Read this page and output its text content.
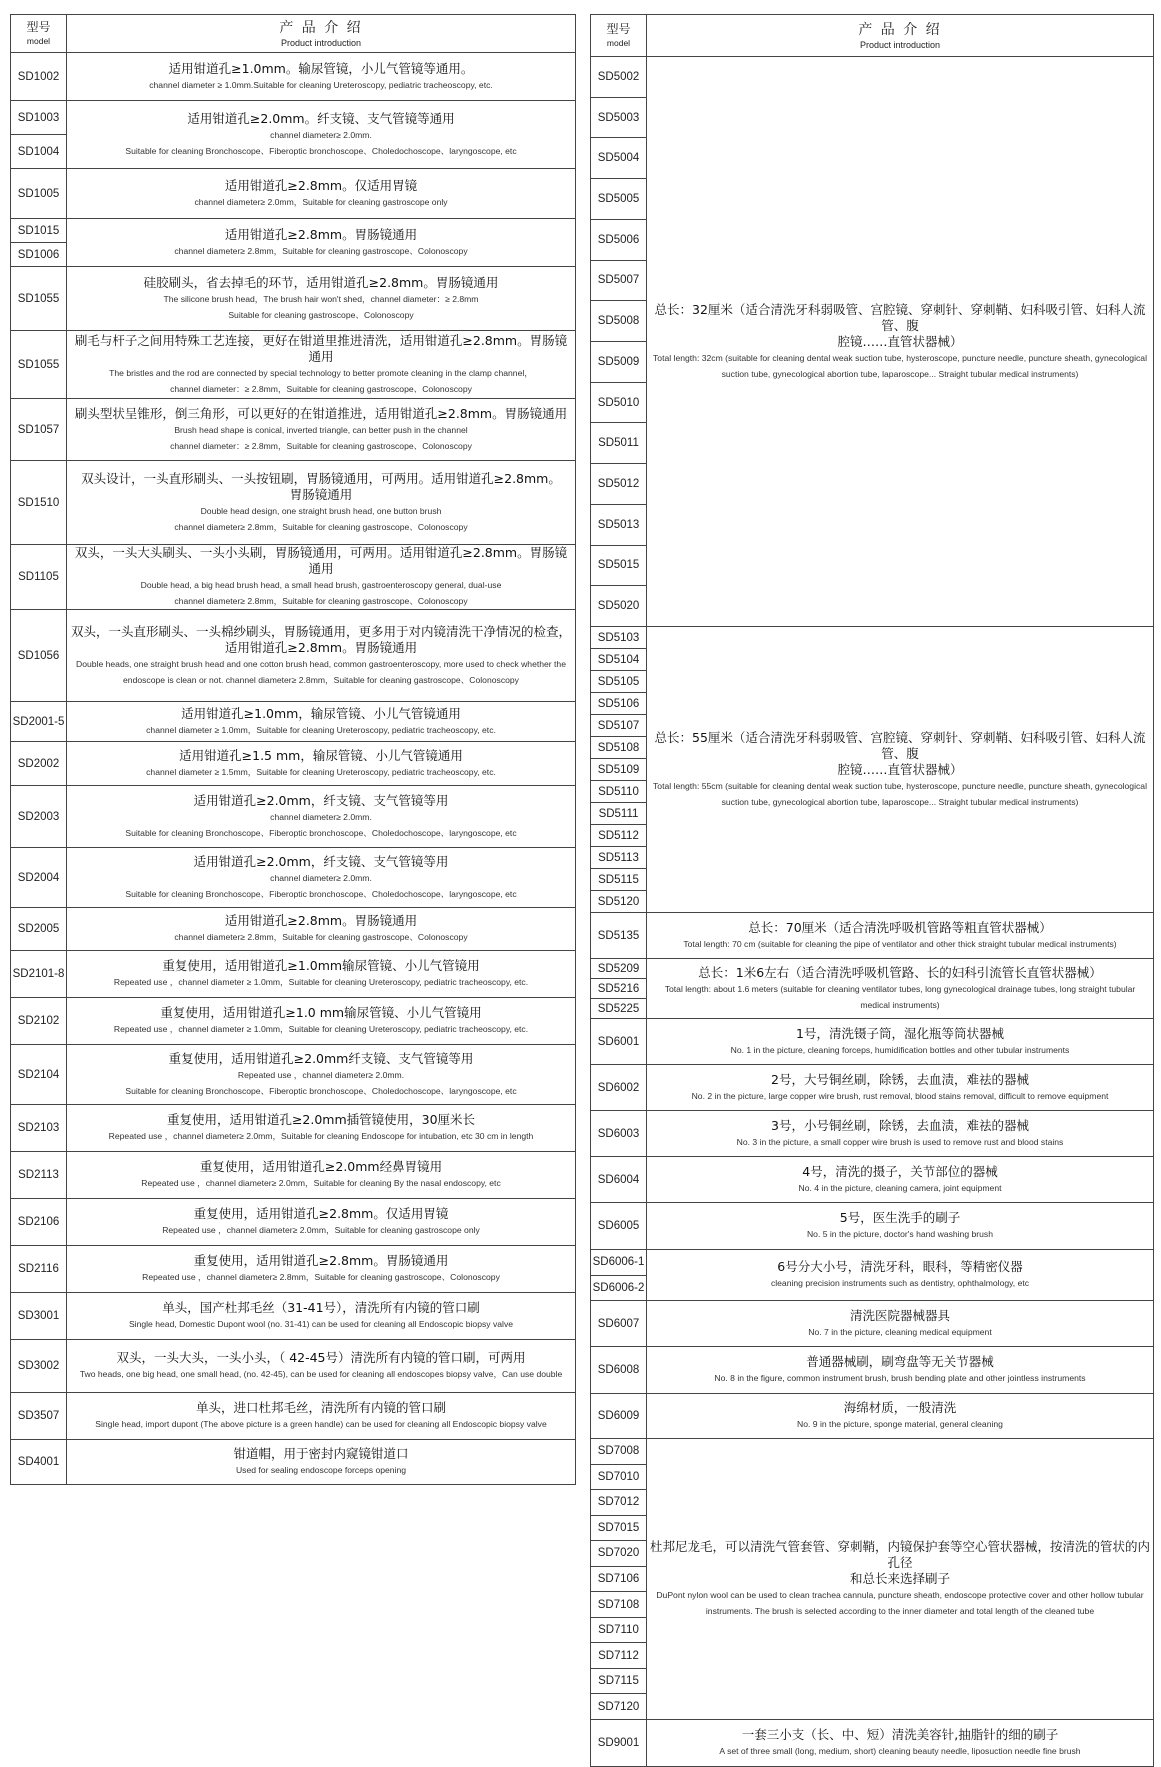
型号
model
产 品 介 绍
Product introduction
SD1002
适用钳道孔≥1.0mm。输尿管镜，小儿气管镜等通用。
channel diameter ≥ 1.0mm.Suitable for cleaning Ureteroscopy, pediatric tracheoscopy, etc.
SD1003
SD1004
适用钳道孔≥2.0mm。纤支镜、支气管镜等通用
channel diameter≥ 2.0mm.
Suitable for cleaning Bronchoscope、Fiberoptic bronchoscope、Choledochoscope、laryngoscope, etc
SD1005
适用钳道孔≥2.8mm。仅适用胃镜
channel diameter≥ 2.0mm，Suitable for cleaning gastroscope only
SD1015
SD1006
适用钳道孔≥2.8mm。胃肠镜通用
channel diameter≥ 2.8mm，Suitable for cleaning gastroscope、Colonoscopy
SD1055
硅胶刷头，省去掉毛的环节，适用钳道孔≥2.8mm。胃肠镜通用
The silicone brush head，The brush hair won't shed，channel diameter：≥ 2.8mm
Suitable for cleaning gastroscope、Colonoscopy
SD1055
刷毛与杆子之间用特殊工艺连接，更好在钳道里推进清洗，适用钳道孔≥2.8mm。胃肠镜通用
The bristles and the rod are connected by special technology to better promote cleaning in the clamp channel，
channel diameter：≥ 2.8mm，Suitable for cleaning gastroscope、Colonoscopy
SD1057
刷头型状呈锥形，倒三角形，可以更好的在钳道推进，适用钳道孔≥2.8mm。胃肠镜通用
Brush head shape is conical, inverted triangle, can better push in the channel
channel diameter：≥ 2.8mm，Suitable for cleaning gastroscope、Colonoscopy
SD1510
双头设计，一头直形刷头、一头按钮刷，胃肠镜通用，可两用。适用钳道孔≥2.8mm。
胃肠镜通用
Double head design, one straight brush head, one button brush
channel diameter≥ 2.8mm，Suitable for cleaning gastroscope、Colonoscopy
SD1105
双头，一头大头刷头、一头小头刷，胃肠镜通用，可两用。适用钳道孔≥2.8mm。胃肠镜通用
Double head, a big head brush head, a small head brush, gastroenteroscopy general, dual-use
channel diameter≥ 2.8mm，Suitable for cleaning gastroscope、Colonoscopy
SD1056
双头，一头直形刷头、一头棉纱刷头，胃肠镜通用，更多用于对内镜清洗干净情况的检查，
适用钳道孔≥2.8mm。胃肠镜通用
Double heads, one straight brush head and one cotton brush head, common gastroenteroscopy, more used to check whether the
endoscope is clean or not. channel diameter≥ 2.8mm，Suitable for cleaning gastroscope、Colonoscopy
SD2001-5
适用钳道孔≥1.0mm，输尿管镜、小儿气管镜通用
channel diameter ≥ 1.0mm，Suitable for cleaning Ureteroscopy, pediatric tracheoscopy, etc.
SD2002
适用钳道孔≥1.5 mm，输尿管镜、小儿气管镜通用
channel diameter ≥ 1.5mm，Suitable for cleaning Ureteroscopy, pediatric tracheoscopy, etc.
SD2003
适用钳道孔≥2.0mm，纤支镜、支气管镜等用
channel diameter≥ 2.0mm.
Suitable for cleaning Bronchoscope、Fiberoptic bronchoscope、Choledochoscope、laryngoscope, etc
SD2004
适用钳道孔≥2.0mm，纤支镜、支气管镜等用
channel diameter≥ 2.0mm.
Suitable for cleaning Bronchoscope、Fiberoptic bronchoscope、Choledochoscope、laryngoscope, etc
SD2005
适用钳道孔≥2.8mm。胃肠镜通用
channel diameter≥ 2.8mm，Suitable for cleaning gastroscope、Colonoscopy
SD2101-8
重复使用，适用钳道孔≥1.0mm输尿管镜、小儿气管镜用
Repeated use ，channel diameter ≥ 1.0mm，Suitable for cleaning Ureteroscopy, pediatric tracheoscopy, etc.
SD2102
重复使用，适用钳道孔≥1.0 mm输尿管镜、小儿气管镜用
Repeated use ，channel diameter ≥ 1.0mm，Suitable for cleaning Ureteroscopy, pediatric tracheoscopy, etc.
SD2104
重复使用，适用钳道孔≥2.0mm纤支镜、支气管镜等用
Repeated use ，channel diameter≥ 2.0mm.
Suitable for cleaning Bronchoscope、Fiberoptic bronchoscope、Choledochoscope、laryngoscope, etc
SD2103
重复使用，适用钳道孔≥2.0mm插管镜使用，30厘米长
Repeated use ，channel diameter≥ 2.0mm，Suitable for cleaning Endoscope for intubation, etc 30 cm in length
SD2113
重复使用，适用钳道孔≥2.0mm经鼻胃镜用
Repeated use ，channel diameter≥ 2.0mm，Suitable for cleaning By the nasal endoscopy, etc
SD2106
重复使用，适用钳道孔≥2.8mm。仅适用胃镜
Repeated use ，channel diameter≥ 2.0mm，Suitable for cleaning gastroscope only
SD2116
重复使用，适用钳道孔≥2.8mm。胃肠镜通用
Repeated use ，channel diameter≥ 2.8mm，Suitable for cleaning gastroscope、Colonoscopy
SD3001
单头，国产杜邦毛丝（31-41号），清洗所有内镜的管口刷
Single head, Domestic Dupont wool (no. 31-41) can be used for cleaning all Endoscopic biopsy valve
SD3002
双头，一头大头，一头小头，（ 42-45号）清洗所有内镜的管口刷，可两用
Two heads, one big head, one small head, (no. 42-45), can be used for cleaning all endoscopes biopsy valve，Can use double
SD3507
单头，进口杜邦毛丝，清洗所有内镜的管口刷
Single head, import dupont (The above picture is a green handle) can be used for cleaning all Endoscopic biopsy valve
SD4001
钳道帽，用于密封内窥镜钳道口
Used for sealing endoscope forceps opening
型号
model
产 品 介 绍
Product introduction
SD5002
SD5003
SD5004
SD5005
SD5006
SD5007
SD5008
SD5009
SD5010
SD5011
SD5012
SD5013
SD5015
SD5020
总长：32厘米（适合清洗牙科弱吸管、宫腔镜、穿刺针、穿刺鞘、妇科吸引管、妇科人流管、腹
腔镜……直管状器械）
Total length: 32cm (suitable for cleaning dental weak suction tube, hysteroscope, puncture needle, puncture sheath, gynecological
suction tube, gynecological abortion tube, laparoscope... Straight tubular medical instruments)
SD5103
SD5104
SD5105
SD5106
SD5107
SD5108
SD5109
SD5110
SD5111
SD5112
SD5113
SD5115
SD5120
总长：55厘米（适合清洗牙科弱吸管、宫腔镜、穿刺针、穿刺鞘、妇科吸引管、妇科人流管、腹
腔镜……直管状器械）
Total length: 55cm (suitable for cleaning dental weak suction tube, hysteroscope, puncture needle, puncture sheath, gynecological
suction tube, gynecological abortion tube, laparoscope... Straight tubular medical instruments)
SD5135
总长：70厘米（适合清洗呼吸机管路等粗直管状器械）
Total length: 70 cm (suitable for cleaning the pipe of ventilator and other thick straight tubular medical instruments)
SD5209
SD5216
SD5225
总长：1米6左右（适合清洗呼吸机管路、长的妇科引流管长直管状器械）
Total length: about 1.6 meters (suitable for cleaning ventilator tubes, long gynecological drainage tubes, long straight tubular
medical instruments)
SD6001
1号，清洗镊子筒，湿化瓶等筒状器械
No. 1 in the picture, cleaning forceps, humidification bottles and other tubular instruments
SD6002
2号，大号铜丝刷，除锈，去血渍，难祛的器械
No. 2 in the picture, large copper wire brush, rust removal, blood stains removal, difficult to remove equipment
SD6003
3号，小号铜丝刷，除锈，去血渍，难祛的器械
No. 3 in the picture, a small copper wire brush is used to remove rust and blood stains
SD6004
4号，清洗的摄子，关节部位的器械
No. 4 in the picture, cleaning camera, joint equipment
SD6005
5号，医生洗手的刷子
No. 5 in the picture, doctor's hand washing brush
SD6006-1
SD6006-2
6号分大小号，清洗牙科，眼科，等精密仪器
cleaning precision instruments such as dentistry, ophthalmology, etc
SD6007
清洗医院器械器具
No. 7 in the picture, cleaning medical equipment
SD6008
普通器械刷，刷弯盘等无关节器械
No. 8 in the figure, common instrument brush, brush bending plate and other jointless instruments
SD6009
海绵材质，一般清洗
No. 9 in the picture, sponge material, general cleaning
SD7008
SD7010
SD7012
SD7015
SD7020
SD7106
SD7108
SD7110
SD7112
SD7115
SD7120
杜邦尼龙毛，可以清洗气管套管、穿刺鞘，内镜保护套等空心管状器械，按清洗的管状的内孔径
和总长来选择刷子
DuPont nylon wool can be used to clean trachea cannula, puncture sheath, endoscope protective cover and other hollow tubular
instruments. The brush is selected according to the inner diameter and total length of the cleaned tube
SD9001
一套三小支（长、中、短）清洗美容针,抽脂针的细的刷子
A set of three small (long, medium, short) cleaning beauty needle, liposuction needle fine brush
